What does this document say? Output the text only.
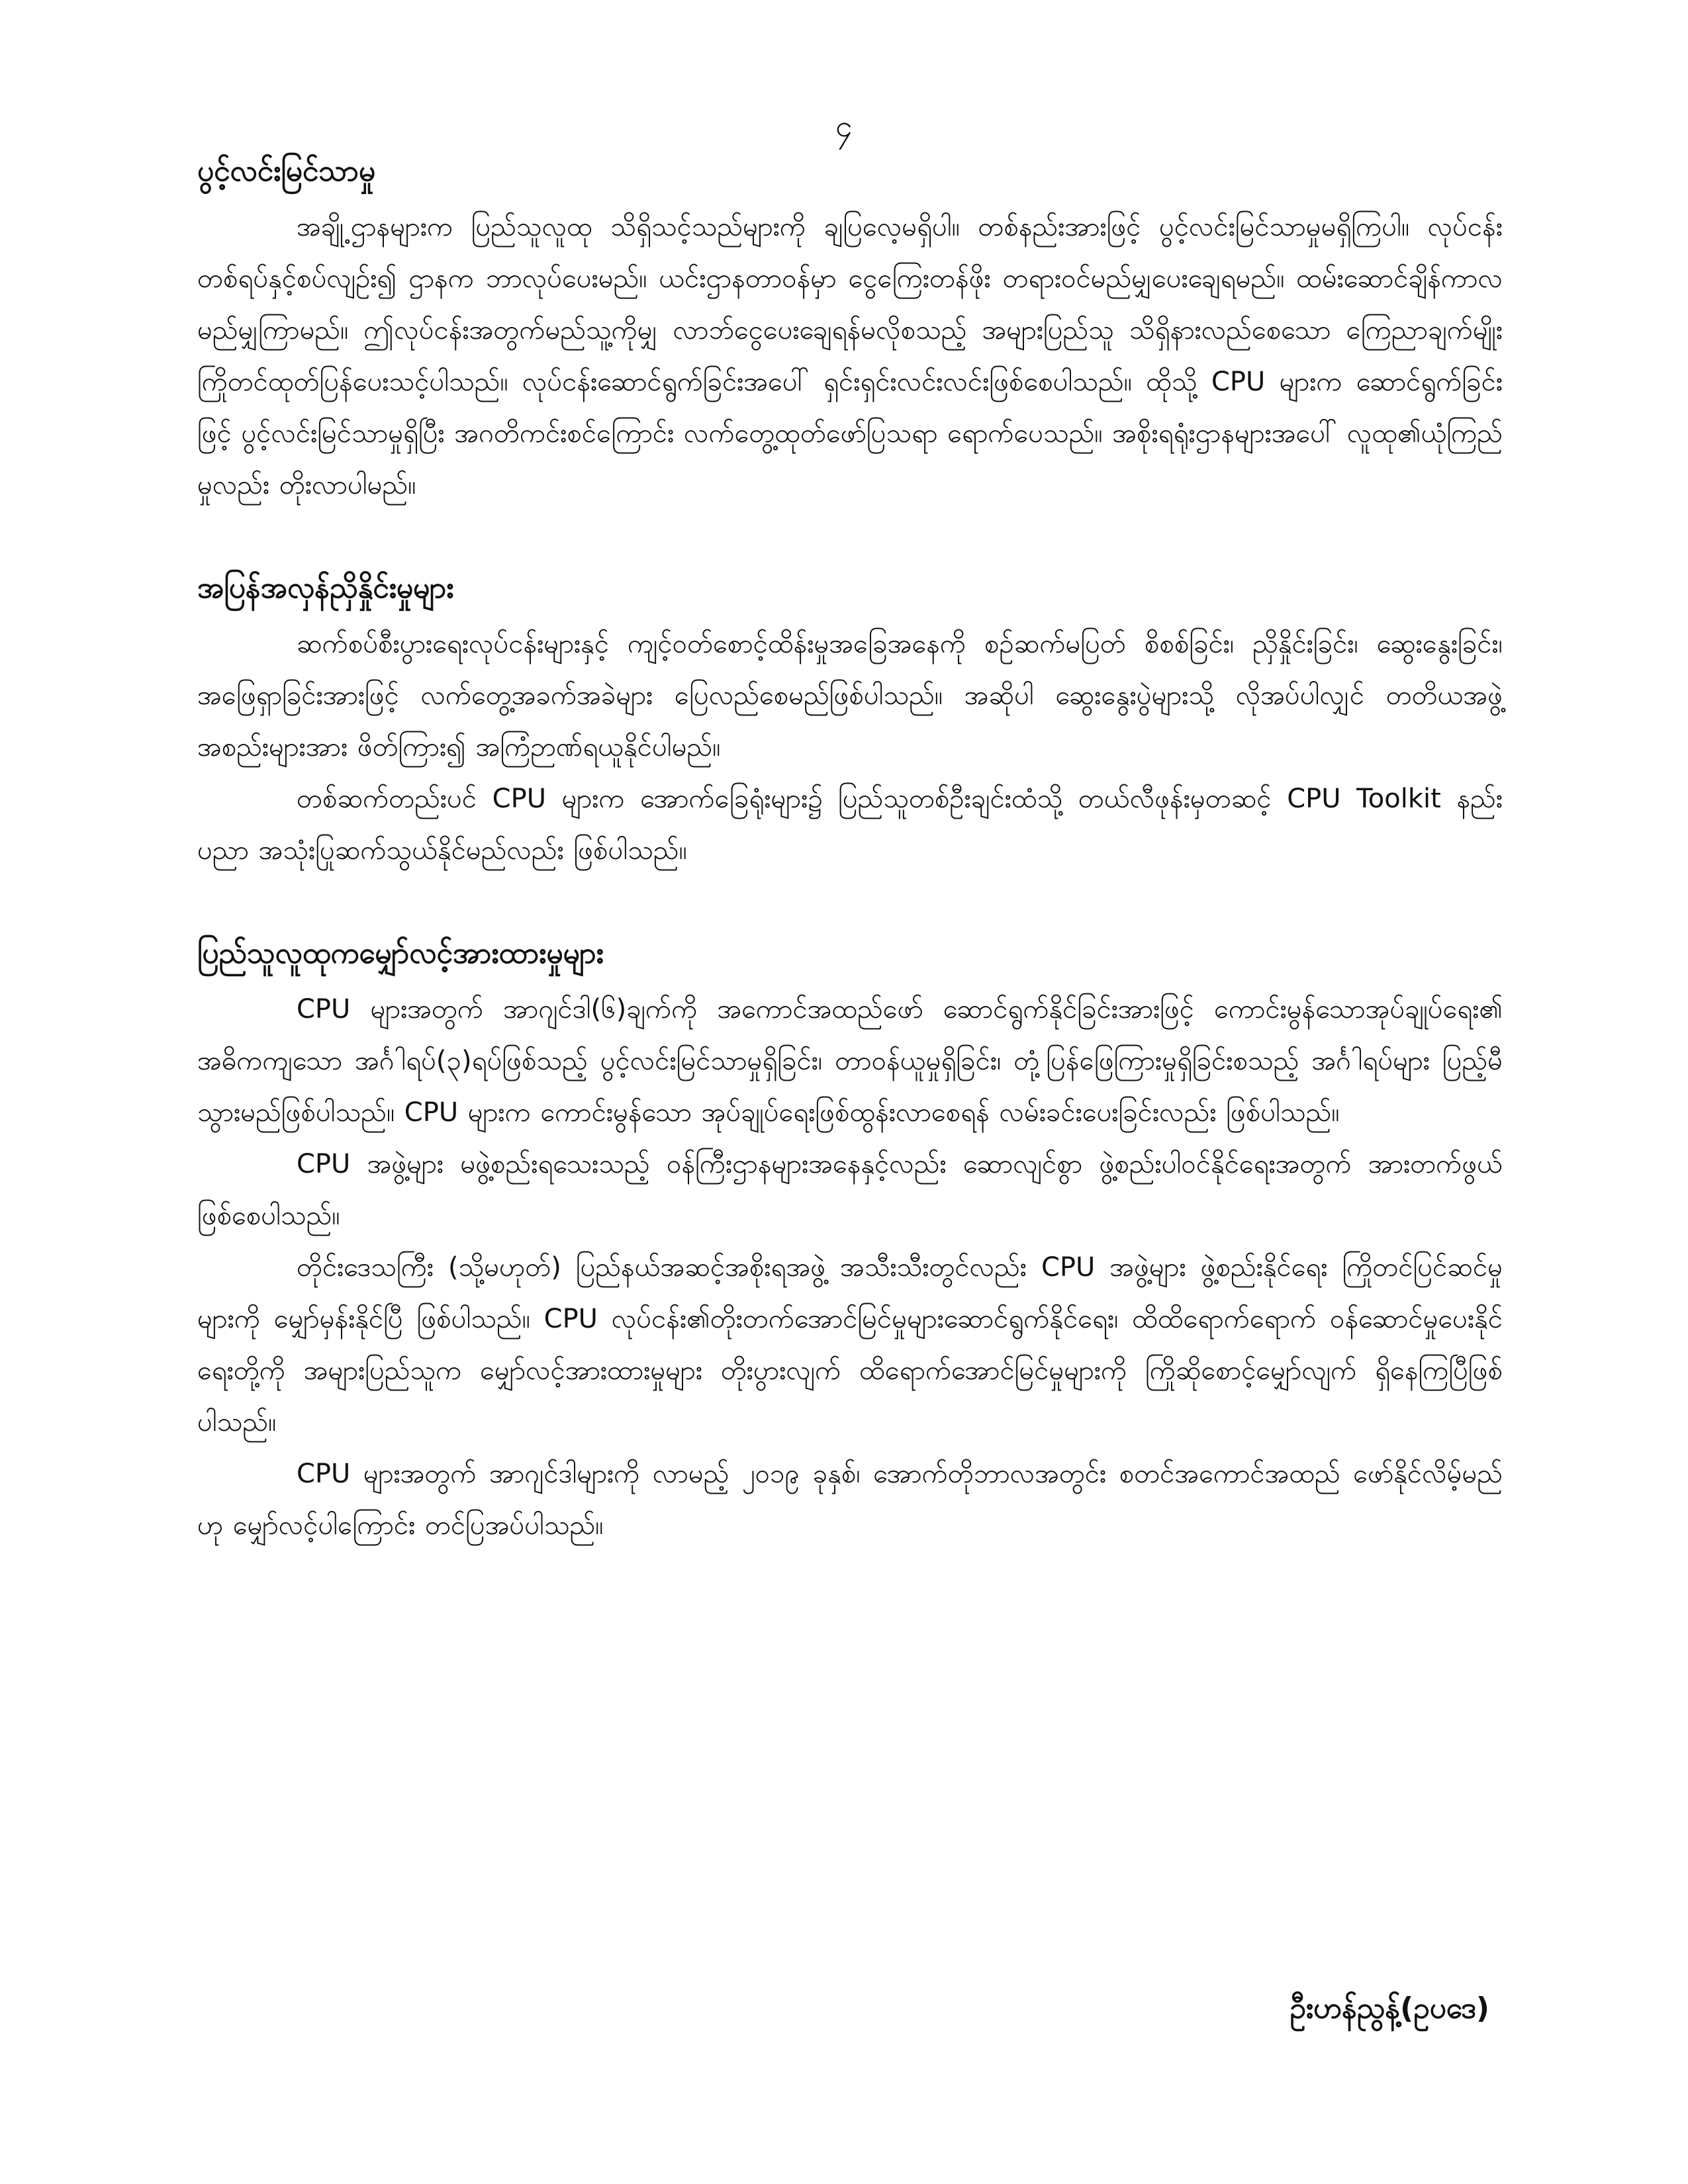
၄
ပွင့်လင်းမြင်သာမှု

အချို့ဌာနများက ပြည်သူလူထု သိရှိသင့်သည်များကို ချပြလေ့မရှိပါ။ တစ်နည်းအားဖြင့် ပွင့်လင်းမြင်သာမှုမရှိကြပါ။ လုပ်ငန်းတစ်ရပ်နှင့်စပ်လျဉ်း၍ ဌာနက ဘာလုပ်ပေးမည်။ ယင်းဌာနတာဝန်မှာ ငွေကြေးတန်ဖိုး တရားဝင်မည်မျှပေးချေရမည်။ ထမ်းဆောင်ချိန်ကာလမည်မျှကြာမည်။ ဤလုပ်ငန်းအတွက်မည်သူ့ကိုမျှ လာဘ်ငွေပေးချေရန်မလိုစသည့် အများပြည်သူ သိရှိနားလည်စေသော ကြေညာချက်မျိုးကြိုတင်ထုတ်ပြန်ပေးသင့်ပါသည်။ လုပ်ငန်းဆောင်ရွက်ခြင်းအပေါ် ရှင်းရှင်းလင်းလင်းဖြစ်စေပါသည်။ ထိုသို့ CPU များက ဆောင်ရွက်ခြင်းဖြင့် ပွင့်လင်းမြင်သာမှုရှိပြီး အဂတိကင်းစင်ကြောင်း လက်တွေ့ထုတ်ဖော်ပြသရာ ရောက်ပေသည်။ အစိုးရရုံးဌာနများအပေါ် လူထု၏ယုံကြည်မှုလည်း တိုးလာပါမည်။

အပြန်အလှန်ညှိနှိုင်းမှုများ

ဆက်စပ်စီးပွားရေးလုပ်ငန်းများနှင့် ကျင့်ဝတ်စောင့်ထိန်းမှုအခြေအနေကို စဉ်ဆက်မပြတ် စိစစ်ခြင်း၊ ညှိနှိုင်းခြင်း၊ ဆွေးနွေးခြင်း၊ အဖြေရှာခြင်းအားဖြင့် လက်တွေ့အခက်အခဲများ ပြေလည်စေမည်ဖြစ်ပါသည်။ အဆိုပါ ဆွေးနွေးပွဲများသို့ လိုအပ်ပါလျှင် တတိယအဖွဲ့အစည်းများအား ဖိတ်ကြား၍ အကြံဉာဏ်ရယူနိုင်ပါမည်။

တစ်ဆက်တည်းပင် CPU များက အောက်ခြေရုံးများ၌ ပြည်သူတစ်ဦးချင်းထံသို့ တယ်လီဖုန်းမှတဆင့် CPU Toolkit နည်းပညာ အသုံးပြုဆက်သွယ်နိုင်မည်လည်း ဖြစ်ပါသည်။

ပြည်သူလူထုကမျှော်လင့်အားထားမှုများ

CPU များအတွက် အာဂျင်ဒါ(၆)ချက်ကို အကောင်အထည်ဖော် ဆောင်ရွက်နိုင်ခြင်းအားဖြင့် ကောင်းမွန်သောအုပ်ချုပ်ရေး၏ အဓိကကျသော အင်္ဂါရပ်(၃)ရပ်ဖြစ်သည့် ပွင့်လင်းမြင်သာမှုရှိခြင်း၊ တာဝန်ယူမှုရှိခြင်း၊ တုံ့ပြန်ဖြေကြားမှုရှိခြင်းစသည့် အင်္ဂါရပ်များ ပြည့်မီသွားမည်ဖြစ်ပါသည်။ CPU များက ကောင်းမွန်သော အုပ်ချုပ်ရေးဖြစ်ထွန်းလာစေရန် လမ်းခင်းပေးခြင်းလည်း ဖြစ်ပါသည်။

CPU အဖွဲ့များ မဖွဲ့စည်းရသေးသည့် ဝန်ကြီးဌာနများအနေနှင့်လည်း ဆောလျင်စွာ ဖွဲ့စည်းပါဝင်နိုင်ရေးအတွက် အားတက်ဖွယ် ဖြစ်စေပါသည်။

တိုင်းဒေသကြီး (သို့မဟုတ်) ပြည်နယ်အဆင့်အစိုးရအဖွဲ့ အသီးသီးတွင်လည်း CPU အဖွဲ့များ ဖွဲ့စည်းနိုင်ရေး ကြိုတင်ပြင်ဆင်မှုများကို မျှော်မှန်းနိုင်ပြီ ဖြစ်ပါသည်။ CPU လုပ်ငန်း၏တိုးတက်အောင်မြင်မှုများဆောင်ရွက်နိုင်ရေး၊ ထိထိရောက်ရောက် ဝန်ဆောင်မှုပေးနိုင်ရေးတို့ကို အများပြည်သူက မျှော်လင့်အားထားမှုများ တိုးပွားလျက် ထိရောက်အောင်မြင်မှုများကို ကြိုဆိုစောင့်မျှော်လျက် ရှိနေကြပြီဖြစ်ပါသည်။

CPU များအတွက် အာဂျင်ဒါများကို လာမည့် ၂၀၁၉ ခုနှစ်၊ အောက်တိုဘာလအတွင်း စတင်အကောင်အထည် ဖော်နိုင်လိမ့်မည်ဟု မျှော်လင့်ပါကြောင်း တင်ပြအပ်ပါသည်။

ဦးဟန်ညွန့်(ဥပဒေ)
